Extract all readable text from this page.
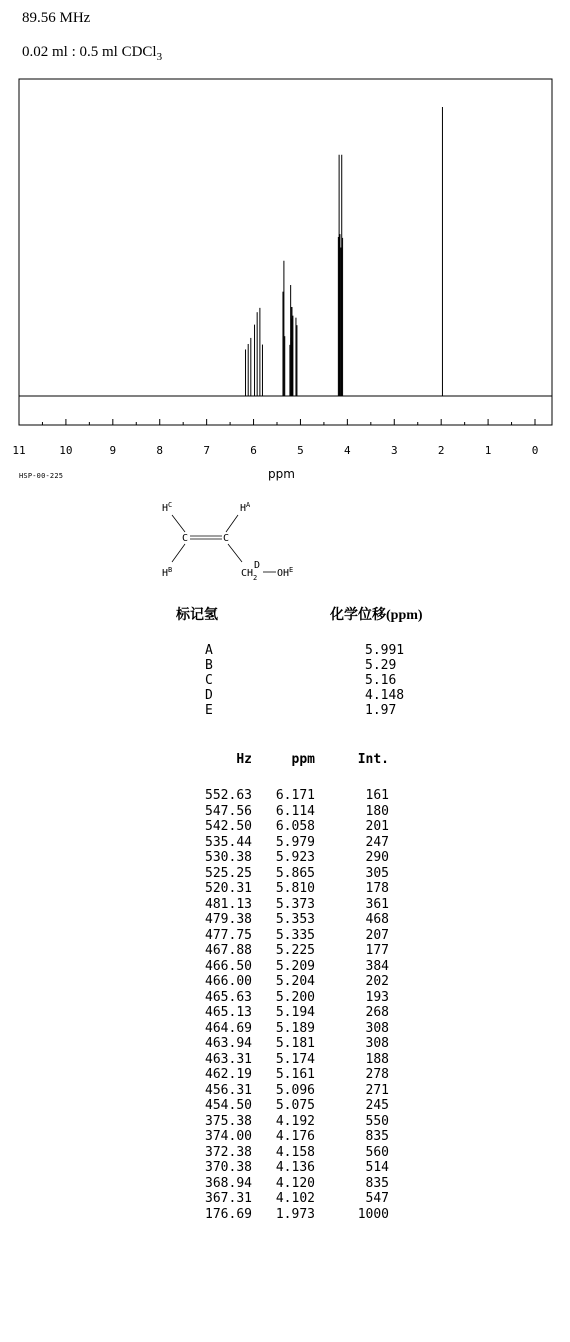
89.56 MHz
0.02 ml : 0.5 ml CDCl$_3$
11	10	9	8	7	6	5	4	3	2	1	0
HSP-00-225	ppm
$H^C$	$H^A$
C	C
$H^B$	$CH_2$
D
$OH^E$
标记氢	化学位移(ppm)
A	5.991
B	5.29
C	5.16
D	4.148
E	1.97
Hz	ppm	Int.
552.63	6.171	161
547.56	6.114	180
542.50	6.058	201
535.44	5.979	247
530.38	5.923	290
525.25	5.865	305
520.31	5.810	178
481.13	5.373	361
479.38	5.353	468
477.75	5.335	207
467.88	5.225	177
466.50	5.209	384
466.00	5.204	202
465.63	5.200	193
465.13	5.194	268
464.69	5.189	308
463.94	5.181	308
463.31	5.174	188
462.19	5.161	278
456.31	5.096	271
454.50	5.075	245
375.38	4.192	550
374.00	4.176	835
372.38	4.158	560
370.38	4.136	514
368.94	4.120	835
367.31	4.102	547
176.69	1.973	1000
